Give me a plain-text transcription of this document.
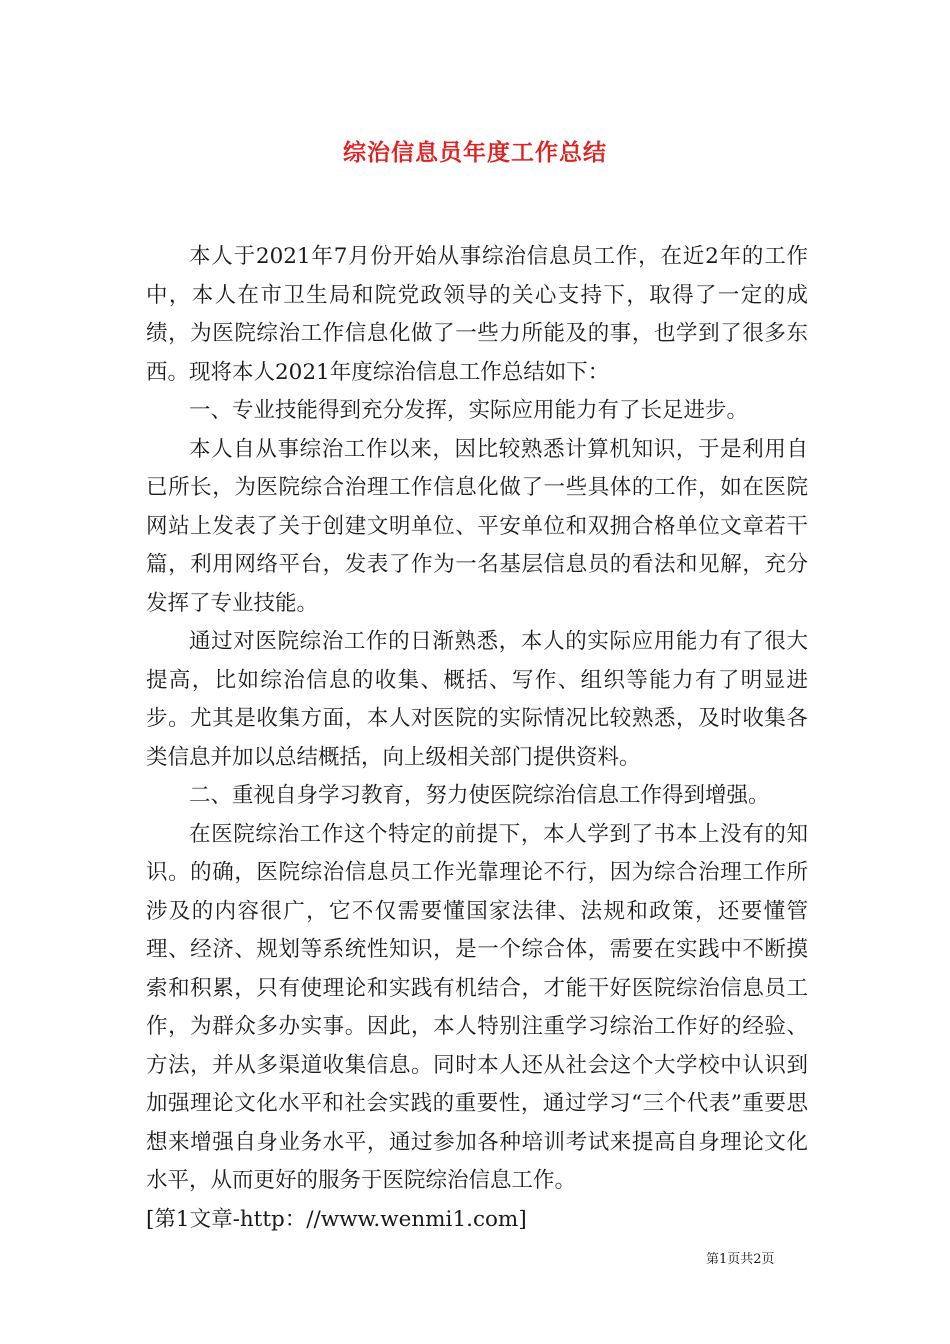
综治信息员年度工作总结

本人于2021年7月份开始从事综治信息员工作，在近2年的工作中，本人在市卫生局和院党政领导的关心支持下，取得了一定的成绩，为医院综治工作信息化做了一些力所能及的事，也学到了很多东西。现将本人2021年度综治信息工作总结如下：

一、专业技能得到充分发挥，实际应用能力有了长足进步。

本人自从事综治工作以来，因比较熟悉计算机知识，于是利用自已所长，为医院综合治理工作信息化做了一些具体的工作，如在医院网站上发表了关于创建文明单位、平安单位和双拥合格单位文章若干篇，利用网络平台，发表了作为一名基层信息员的看法和见解，充分发挥了专业技能。

通过对医院综治工作的日渐熟悉，本人的实际应用能力有了很大提高，比如综治信息的收集、概括、写作、组织等能力有了明显进步。尤其是收集方面，本人对医院的实际情况比较熟悉，及时收集各类信息并加以总结概括，向上级相关部门提供资料。

二、重视自身学习教育，努力使医院综治信息工作得到增强。

在医院综治工作这个特定的前提下，本人学到了书本上没有的知识。的确，医院综治信息员工作光靠理论不行，因为综合治理工作所涉及的内容很广，它不仅需要懂国家法律、法规和政策，还要懂管理、经济、规划等系统性知识，是一个综合体，需要在实践中不断摸索和积累，只有使理论和实践有机结合，才能干好医院综治信息员工作，为群众多办实事。因此，本人特别注重学习综治工作好的经验、方法，并从多渠道收集信息。同时本人还从社会这个大学校中认识到加强理论文化水平和社会实践的重要性，通过学习“三个代表”重要思想来增强自身业务水平，通过参加各种培训考试来提高自身理论文化水平，从而更好的服务于医院综治信息工作。

[第1文章-http：//www.wenmi1.com]

第1页共2页
